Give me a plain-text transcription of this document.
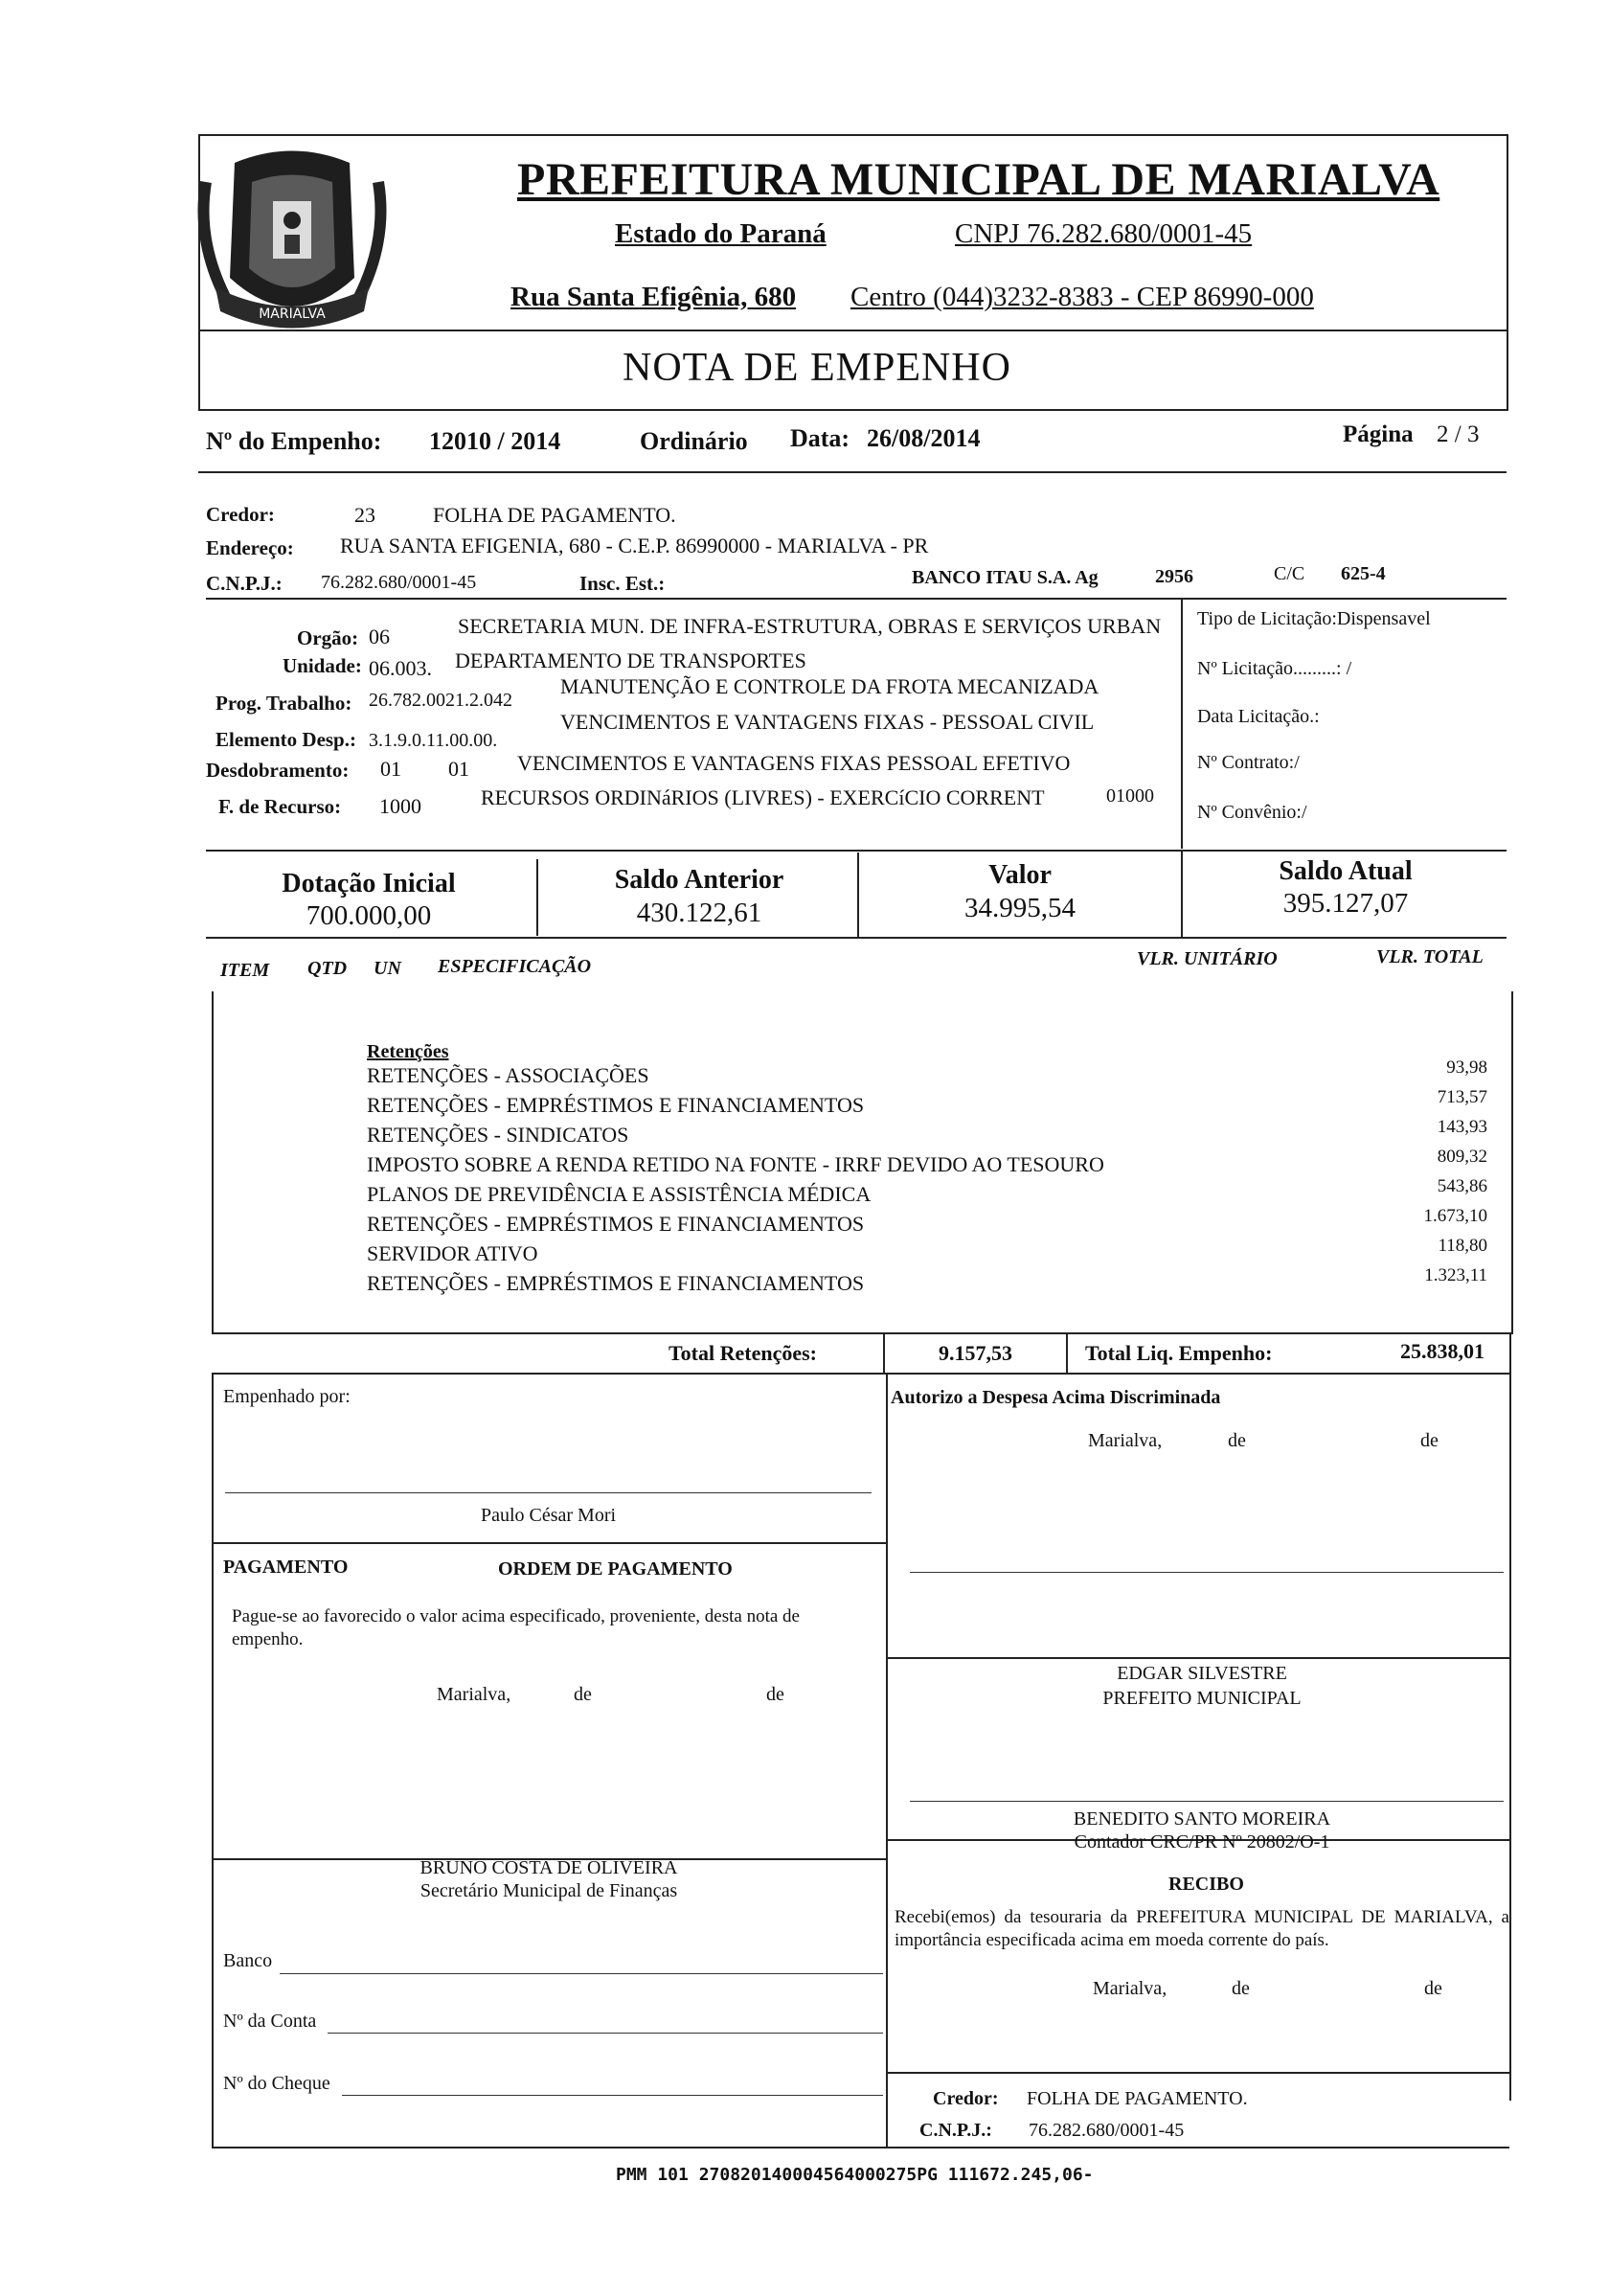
MARIALVA
PREFEITURA MUNICIPAL DE MARIALVA
Estado do Paraná	CNPJ 76.282.680/0001-45
Rua Santa Efigênia, 680 Centro (044)3232-8383 - CEP 86990-000
NOTA DE EMPENHO
Nº do Empenho: 12010 / 2014	Ordinário Data: 26/08/2014	Página 2 / 3
Credor:	23	FOLHA DE PAGAMENTO.
Endereço: RUA SANTA EFIGENIA, 680 - C.E.P. 86990000 - MARIALVA - PR
C.N.P.J.: 76.282.680/0001-45	Insc. Est.:	BANCO ITAU S.A. Ag	2956	C/C 625-4
Orgão: 06	SECRETARIA MUN. DE INFRA-ESTRUTURA, OBRAS E SERVIÇOS URBAN
Unidade: 06.003. DEPARTAMENTO DE TRANSPORTES
Prog. Trabalho: 26.782.0021.2.042
MANUTENÇÃO E CONTROLE DA FROTA MECANIZADA
Elemento Desp.: 3.1.9.0.11.00.00.
VENCIMENTOS E VANTAGENS FIXAS - PESSOAL CIVIL
Desdobramento: 01 01 VENCIMENTOS E VANTAGENS FIXAS PESSOAL EFETIVO
F. de Recurso: 1000	RECURSOS ORDINáRIOS (LIVRES) - EXERCíCIO CORRENT	01000
Tipo de Licitação:Dispensavel
Nº Licitação.........: /
Data Licitação.:
Nº Contrato:/
Nº Convênio:/
Dotação Inicial
700.000,00
Saldo Anterior
430.122,61
Valor
34.995,54
Saldo Atual
395.127,07
ITEM QTD UN ESPECIFICAÇÃO	VLR. UNITÁRIO	VLR. TOTAL
Retenções
RETENÇÕES - ASSOCIAÇÕES	93,98
RETENÇÕES - EMPRÉSTIMOS E FINANCIAMENTOS	713,57
RETENÇÕES - SINDICATOS	143,93
IMPOSTO SOBRE A RENDA RETIDO NA FONTE - IRRF DEVIDO AO TESOURO	809,32
PLANOS DE PREVIDÊNCIA E ASSISTÊNCIA MÉDICA	543,86
RETENÇÕES - EMPRÉSTIMOS E FINANCIAMENTOS	1.673,10
SERVIDOR ATIVO	118,80
RETENÇÕES - EMPRÉSTIMOS E FINANCIAMENTOS	1.323,11
Total Retenções:	9.157,53	Total Liq. Empenho:	25.838,01
Empenhado por:
Paulo César Mori
Autorizo a Despesa Acima Discriminada
Marialva,	de	de
PAGAMENTO	ORDEM DE PAGAMENTO
Pague-se ao favorecido o valor acima especificado, proveniente, desta nota de empenho.
Marialva,	de	de
EDGAR SILVESTRE
PREFEITO MUNICIPAL
BENEDITO SANTO MOREIRA
Contador CRC/PR Nº 20802/O-1
BRUNO COSTA DE OLIVEIRA
Secretário Municipal de Finanças	RECIBO
Recebi(emos) da tesouraria da PREFEITURA MUNICIPAL DE MARIALVA, a importância especificada acima em moeda corrente do país.
Marialva,	de	de
Banco
Nº da Conta
Nº do Cheque
Credor: FOLHA DE PAGAMENTO.
C.N.P.J.: 76.282.680/0001-45
PMM 101 270820140004564000275PG 111672.245,06-
